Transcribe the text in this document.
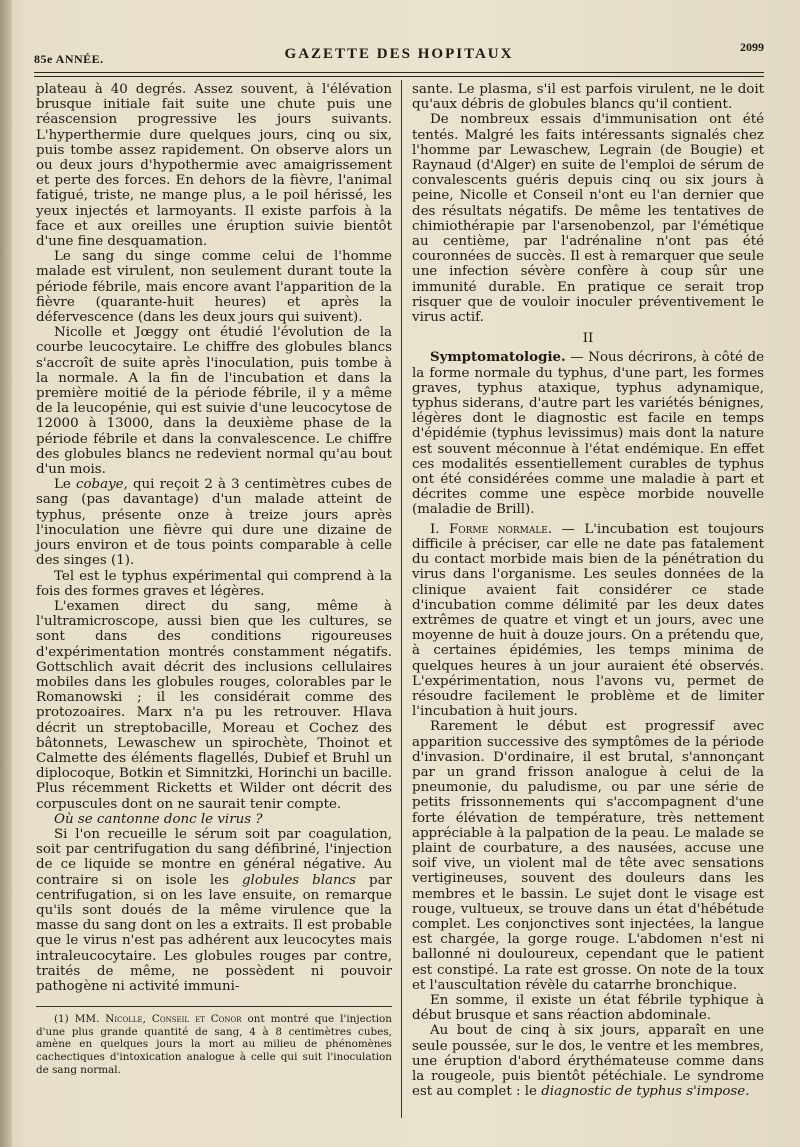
85e ANNÉE.	GAZETTE DES HOPITAUX	2099

plateau à 40 degrés. Assez souvent, à l'élévation brusque initiale fait suite une chute puis une réascension progressive les jours suivants. L'hyperthermie dure quelques jours, cinq ou six, puis tombe assez rapidement. On observe alors un ou deux jours d'hypothermie avec amaigrissement et perte des forces. En dehors de la fièvre, l'animal fatigué, triste, ne mange plus, a le poil hérissé, les yeux injectés et larmoyants. Il existe parfois à la face et aux oreilles une éruption suivie bientôt d'une fine desquamation.

Le sang du singe comme celui de l'homme malade est virulent, non seulement durant toute la période fébrile, mais encore avant l'apparition de la fièvre (quarante-huit heures) et après la défervescence (dans les deux jours qui suivent).

Nicolle et Jœggy ont étudié l'évolution de la courbe leucocytaire. Le chiffre des globules blancs s'accroît de suite après l'inoculation, puis tombe à la normale. A la fin de l'incubation et dans la première moitié de la période fébrile, il y a même de la leucopénie, qui est suivie d'une leucocytose de 12000 à 13000, dans la deuxième phase de la période fébrile et dans la convalescence. Le chiffre des globules blancs ne redevient normal qu'au bout d'un mois.

Le cobaye, qui reçoit 2 à 3 centimètres cubes de sang (pas davantage) d'un malade atteint de typhus, présente onze à treize jours après l'inoculation une fièvre qui dure une dizaine de jours environ et de tous points comparable à celle des singes (1).

Tel est le typhus expérimental qui comprend à la fois des formes graves et légères.

L'examen direct du sang, même à l'ultramicroscope, aussi bien que les cultures, se sont dans des conditions rigoureuses d'expérimentation montrés constamment négatifs. Gottschlich avait décrit des inclusions cellulaires mobiles dans les globules rouges, colorables par le Romanowski ; il les considérait comme des protozoaires. Marx n'a pu les retrouver. Hlava décrit un streptobacille, Moreau et Cochez des bâtonnets, Lewaschew un spirochète, Thoinot et Calmette des éléments flagellés, Dubief et Bruhl un diplocoque, Botkin et Simnitzki, Horinchi un bacille. Plus récemment Ricketts et Wilder ont décrit des corpuscules dont on ne saurait tenir compte.

Où se cantonne donc le virus ?

Si l'on recueille le sérum soit par coagulation, soit par centrifugation du sang défibriné, l'injection de ce liquide se montre en général négative. Au contraire si on isole les globules blancs par centrifugation, si on les lave ensuite, on remarque qu'ils sont doués de la même virulence que la masse du sang dont on les a extraits. Il est probable que le virus n'est pas adhérent aux leucocytes mais intraleucocytaire. Les globules rouges par contre, traités de même, ne possèdent ni pouvoir pathogène ni activité immuni-

(1) MM. Nicolle, Conseil et Conor ont montré que l'injection d'une plus grande quantité de sang, 4 à 8 centimètres cubes, amène en quelques jours la mort au milieu de phénomènes cachectiques d'intoxication analogue à celle qui suit l'inoculation de sang normal.

sante. Le plasma, s'il est parfois virulent, ne le doit qu'aux débris de globules blancs qu'il contient.

De nombreux essais d'immunisation ont été tentés. Malgré les faits intéressants signalés chez l'homme par Lewaschew, Legrain (de Bougie) et Raynaud (d'Alger) en suite de l'emploi de sérum de convalescents guéris depuis cinq ou six jours à peine, Nicolle et Conseil n'ont eu l'an dernier que des résultats négatifs. De même les tentatives de chimiothérapie par l'arsenobenzol, par l'émétique au centième, par l'adrénaline n'ont pas été couronnées de succès. Il est à remarquer que seule une infection sévère confère à coup sûr une immunité durable. En pratique ce serait trop risquer que de vouloir inoculer préventivement le virus actif.

II

Symptomatologie. — Nous décrirons, à côté de la forme normale du typhus, d'une part, les formes graves, typhus ataxique, typhus adynamique, typhus siderans, d'autre part les variétés bénignes, légères dont le diagnostic est facile en temps d'épidémie (typhus levissimus) mais dont la nature est souvent méconnue à l'état endémique. En effet ces modalités essentiellement curables de typhus ont été considérées comme une maladie à part et décrites comme une espèce morbide nouvelle (maladie de Brill).

I. Forme normale. — L'incubation est toujours difficile à préciser, car elle ne date pas fatalement du contact morbide mais bien de la pénétration du virus dans l'organisme. Les seules données de la clinique avaient fait considérer ce stade d'incubation comme délimité par les deux dates extrêmes de quatre et vingt et un jours, avec une moyenne de huit à douze jours. On a prétendu que, à certaines épidémies, les temps minima de quelques heures à un jour auraient été observés. L'expérimentation, nous l'avons vu, permet de résoudre facilement le problème et de limiter l'incubation à huit jours.

Rarement le début est progressif avec apparition successive des symptômes de la période d'invasion. D'ordinaire, il est brutal, s'annonçant par un grand frisson analogue à celui de la pneumonie, du paludisme, ou par une série de petits frissonnements qui s'accompagnent d'une forte élévation de température, très nettement appréciable à la palpation de la peau. Le malade se plaint de courbature, a des nausées, accuse une soif vive, un violent mal de tête avec sensations vertigineuses, souvent des douleurs dans les membres et le bassin. Le sujet dont le visage est rouge, vultueux, se trouve dans un état d'hébétude complet. Les conjonctives sont injectées, la langue est chargée, la gorge rouge. L'abdomen n'est ni ballonné ni douloureux, cependant que le patient est constipé. La rate est grosse. On note de la toux et l'auscultation révèle du catarrhe bronchique.

En somme, il existe un état fébrile typhique à début brusque et sans réaction abdominale.

Au bout de cinq à six jours, apparaît en une seule poussée, sur le dos, le ventre et les membres, une éruption d'abord érythémateuse comme dans la rougeole, puis bientôt pétéchiale. Le syndrome est au complet : le diagnostic de typhus s'impose.
